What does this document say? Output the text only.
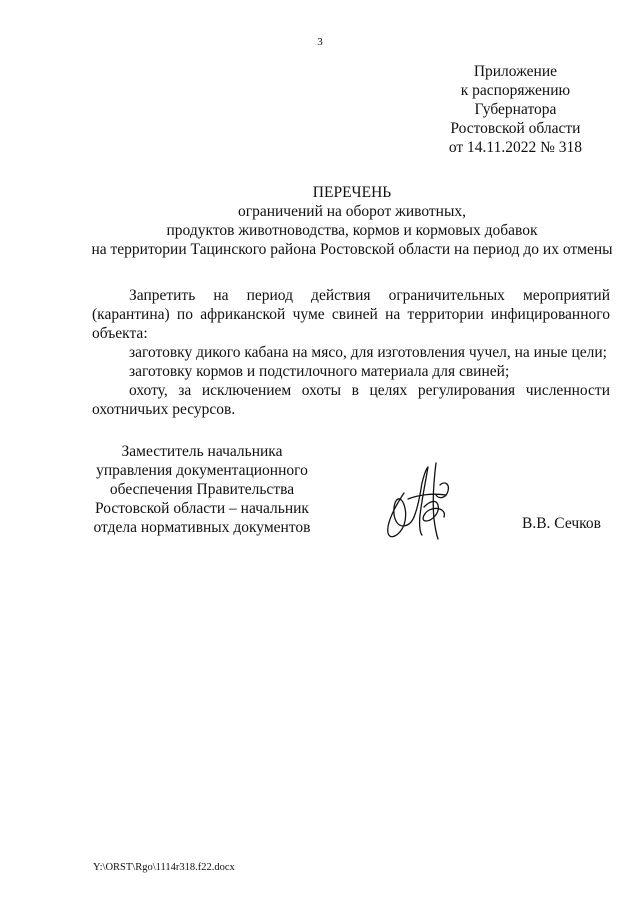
3
Приложение
к распоряжению
Губернатора
Ростовской области
от 14.11.2022 № 318
ПЕРЕЧЕНЬ
ограничений на оборот животных,
продуктов животноводства, кормов и кормовых добавок
на территории Тацинского района Ростовской области на период до их отмены
Запретить на период действия ограничительных мероприятий (карантина) по африканской чуме свиней на территории инфицированного объекта:
заготовку дикого кабана на мясо, для изготовления чучел, на иные цели;
заготовку кормов и подстилочного материала для свиней;
охоту, за исключением охоты в целях регулирования численности охотничьих ресурсов.
Заместитель начальника
управления документационного
обеспечения Правительства
Ростовской области – начальник
отдела нормативных документов	В.В. Сечков
Y:\ORST\Rgo\1114r318.f22.docx
